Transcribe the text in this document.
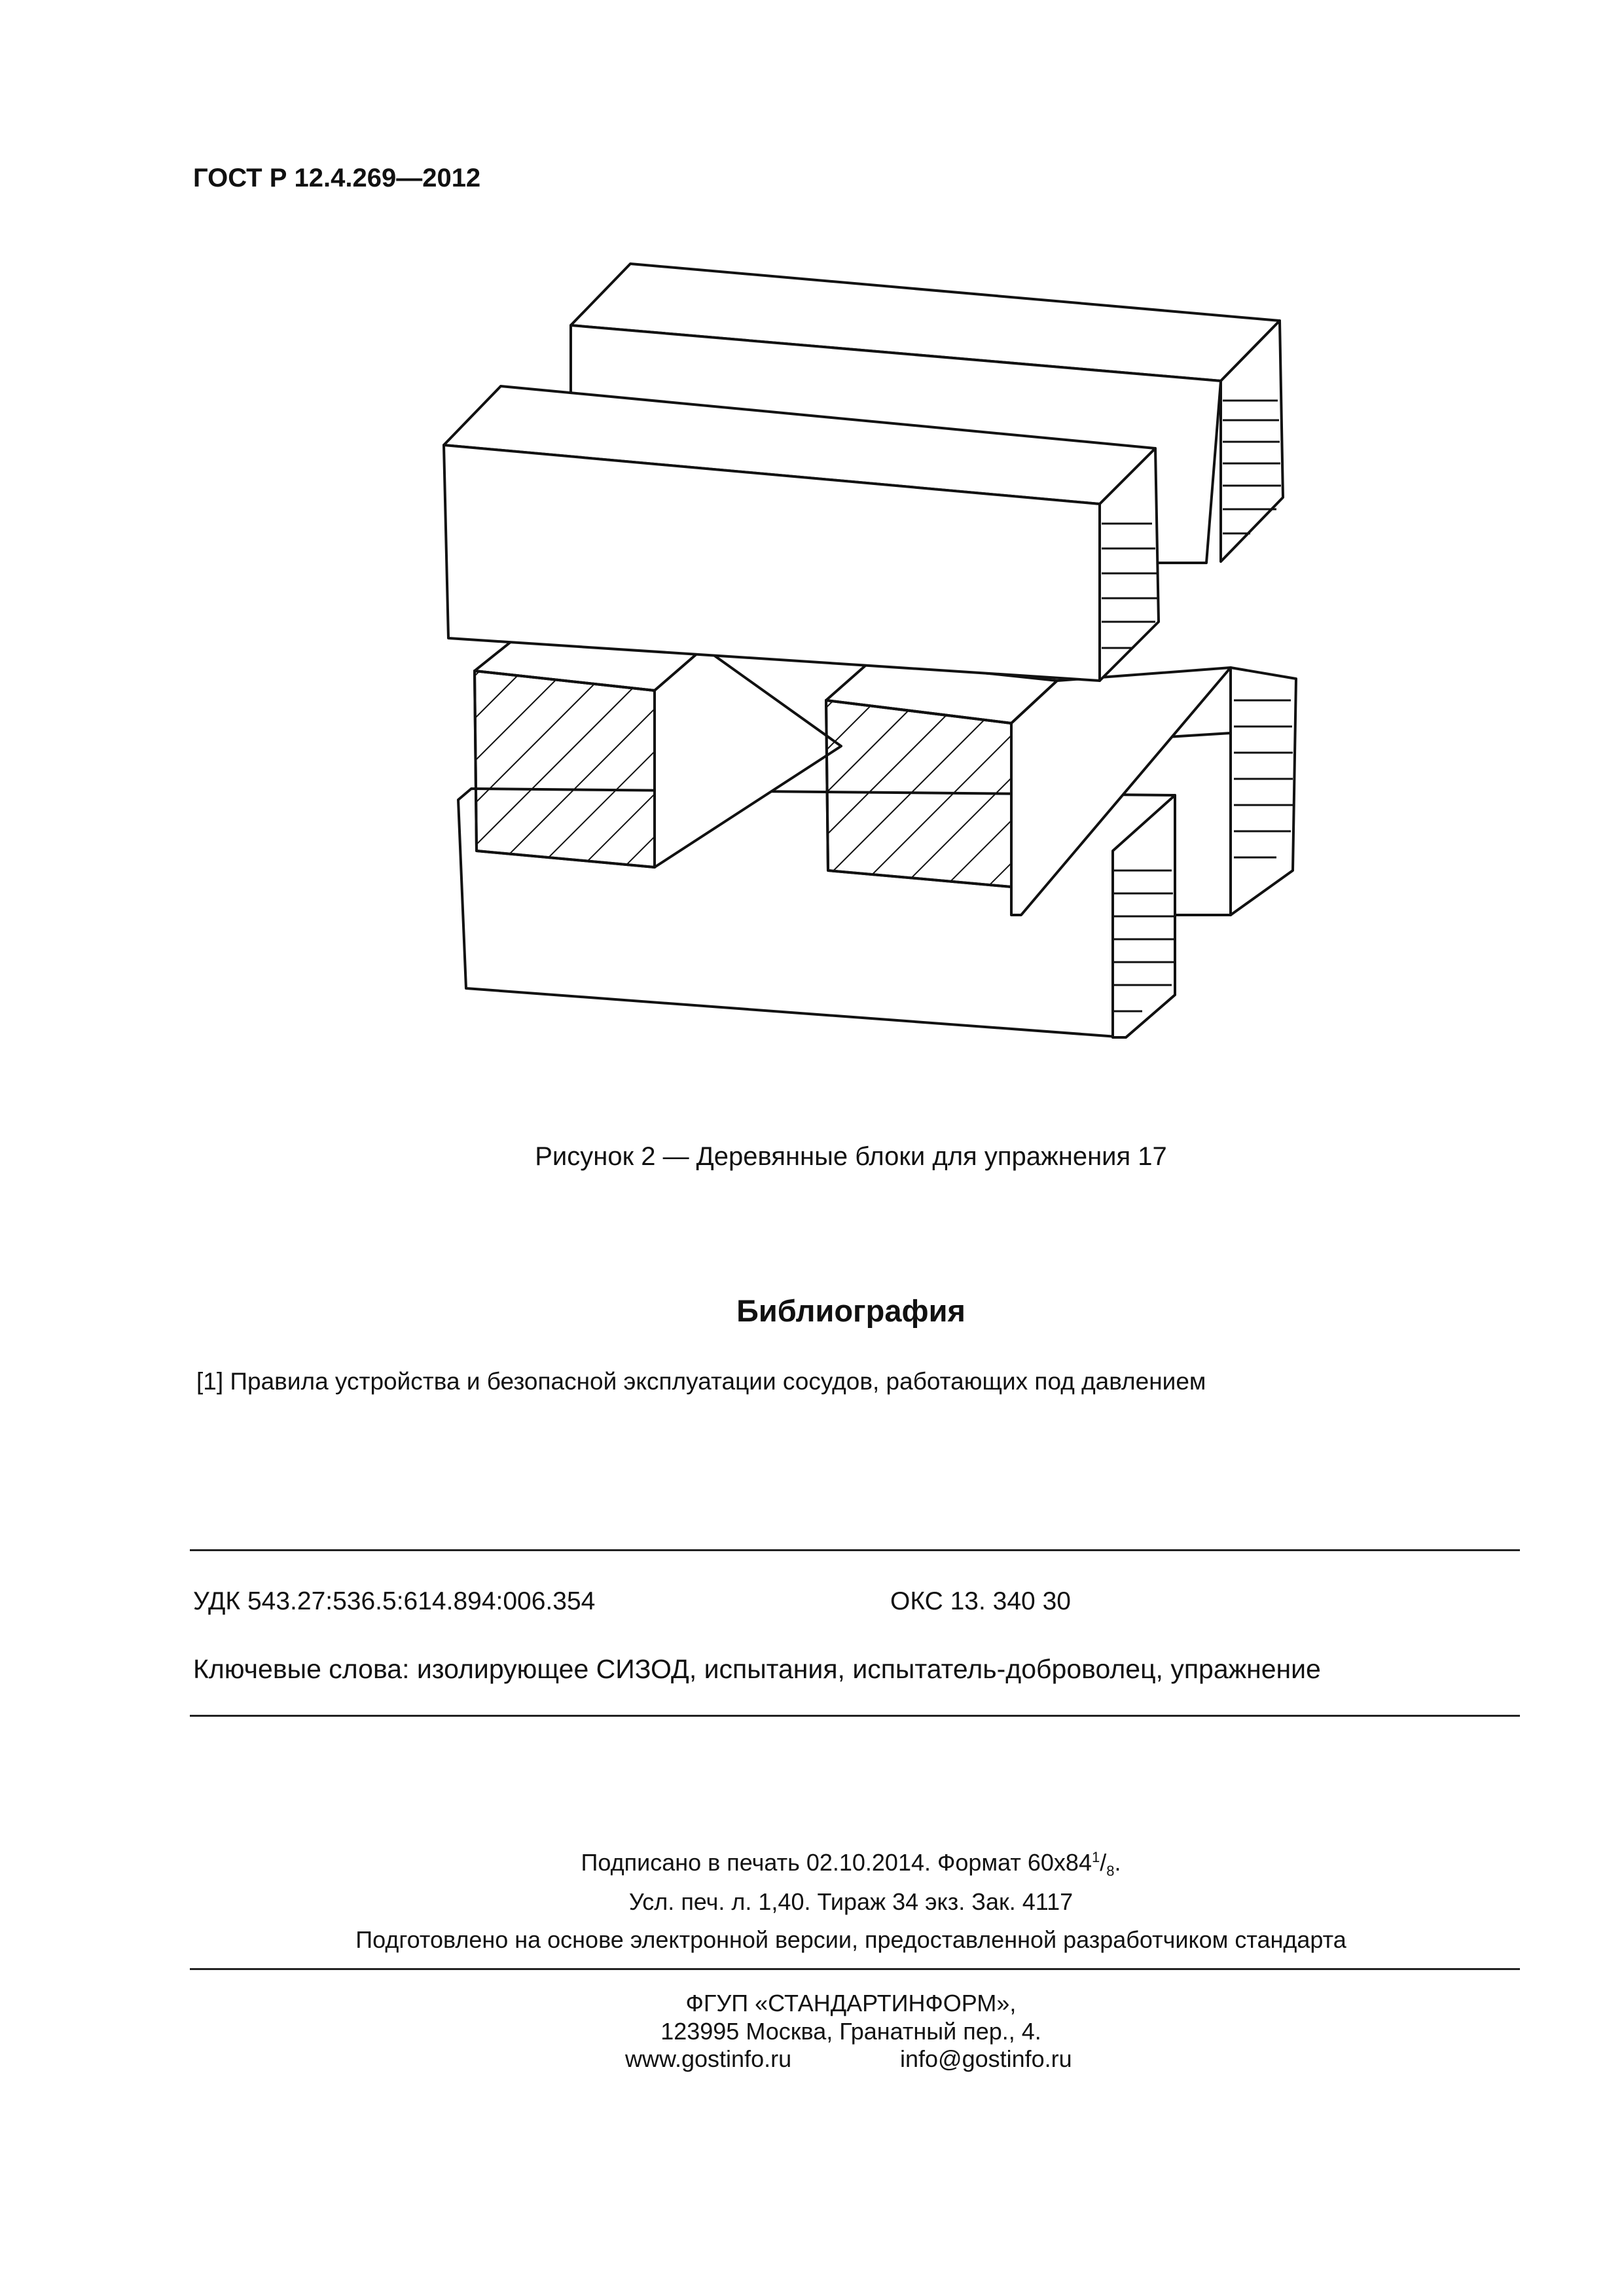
ГОСТ Р 12.4.269—2012
Рисунок 2 — Деревянные блоки для упражнения 17
Библиография
[1] Правила устройства и безопасной эксплуатации сосудов, работающих под давлением
УДК 543.27:536.5:614.894:006.354	ОКС 13. 340 30
Ключевые слова: изолирующее СИЗОД, испытания, испытатель-доброволец, упражнение
Подписано в печать 02.10.2014. Формат $60х84^1/_8$.
Усл. печ. л. 1,40. Тираж 34 экз. Зак. 4117
Подготовлено на основе электронной версии, предоставленной разработчиком стандарта
ФГУП «СТАНДАРТИНФОРМ»,
123995 Москва, Гранатный пер., 4.
www.gostinfo.ru	info@gostinfo.ru
